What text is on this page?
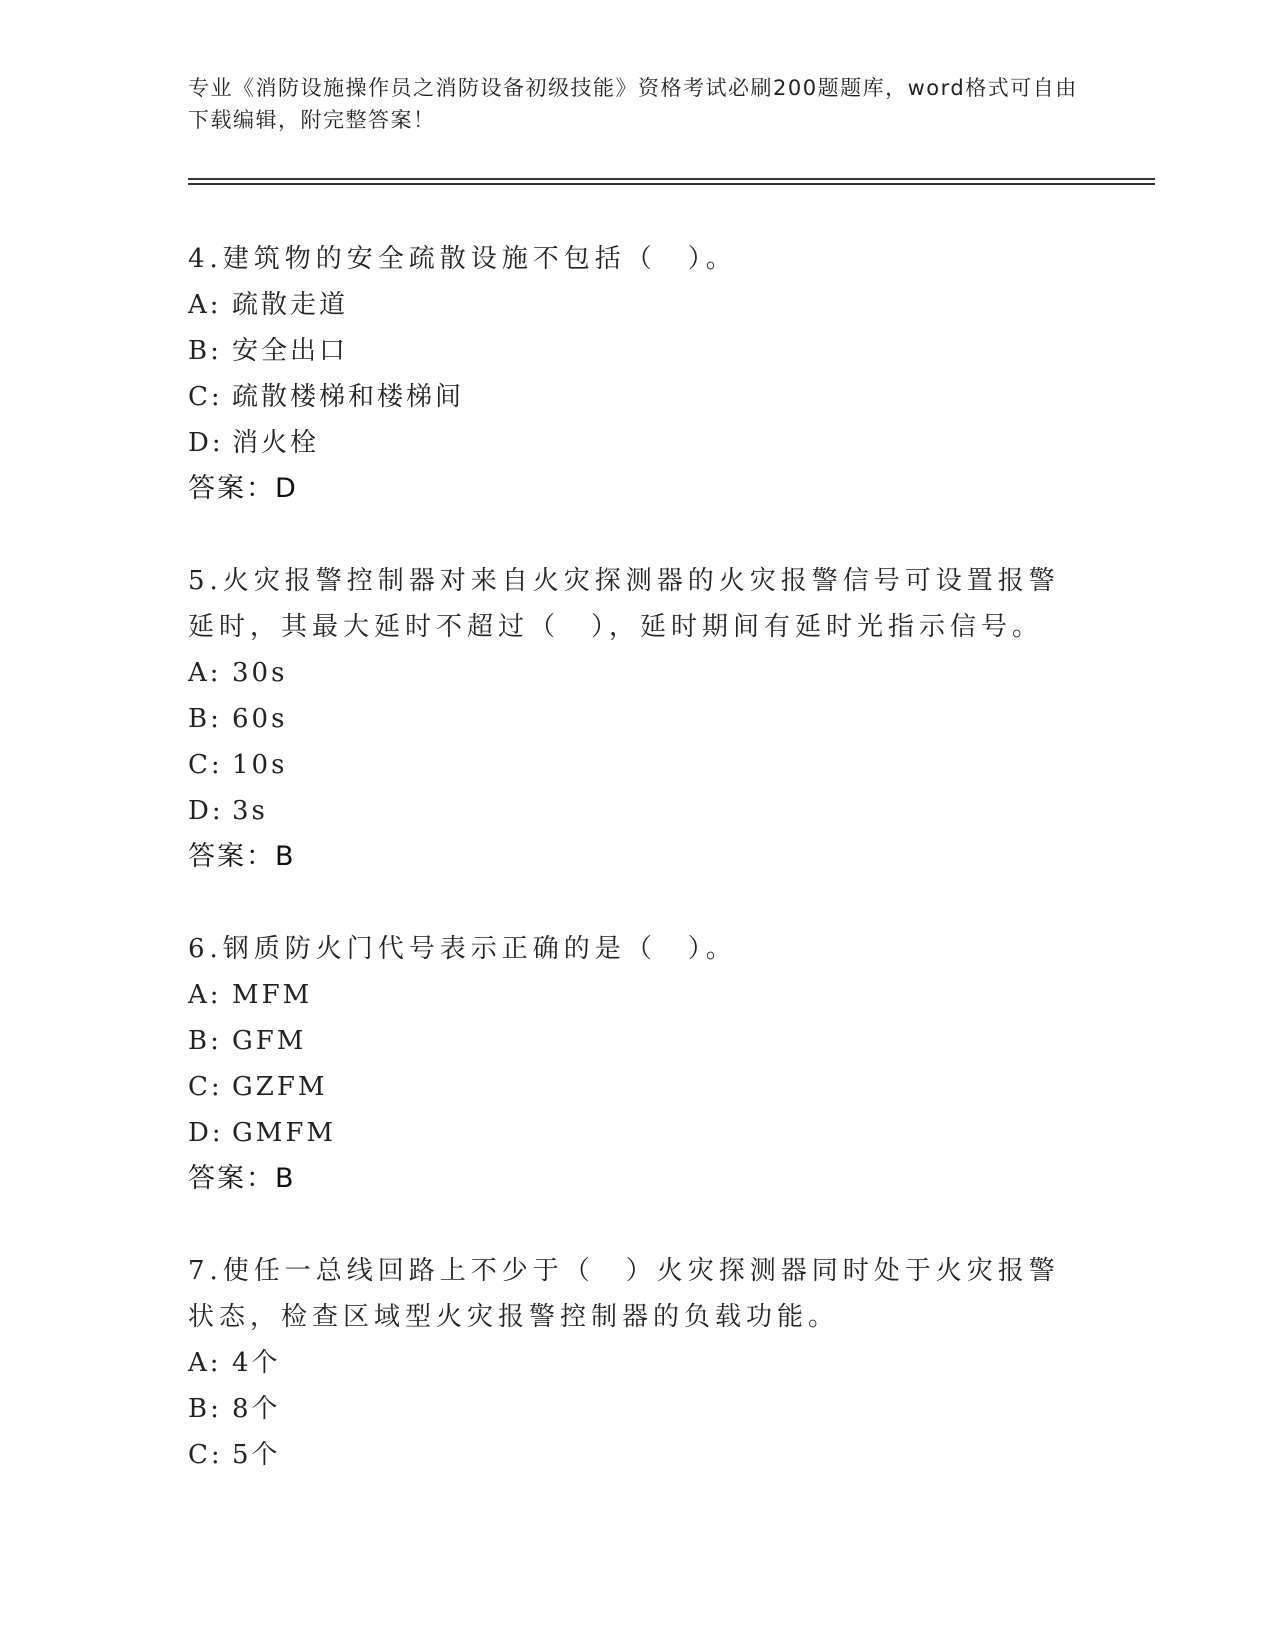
专业《消防设施操作员之消防设备初级技能》资格考试必刷200题题库，word格式可自由下载编辑，附完整答案！

4.建筑物的安全疏散设施不包括（　）。

A: 疏散走道
B: 安全出口
C: 疏散楼梯和楼梯间
D: 消火栓
答案：D

5.火灾报警控制器对来自火灾探测器的火灾报警信号可设置报警延时，其最大延时不超过（　），延时期间有延时光指示信号。

A: 30s
B: 60s
C: 10s
D: 3s
答案：B

6.钢质防火门代号表示正确的是（　）。

A: MFM
B: GFM
C: GZFM
D: GMFM
答案：B

7.使任一总线回路上不少于（　）火灾探测器同时处于火灾报警状态，检查区域型火灾报警控制器的负载功能。

A: 4个
B: 8个
C: 5个
